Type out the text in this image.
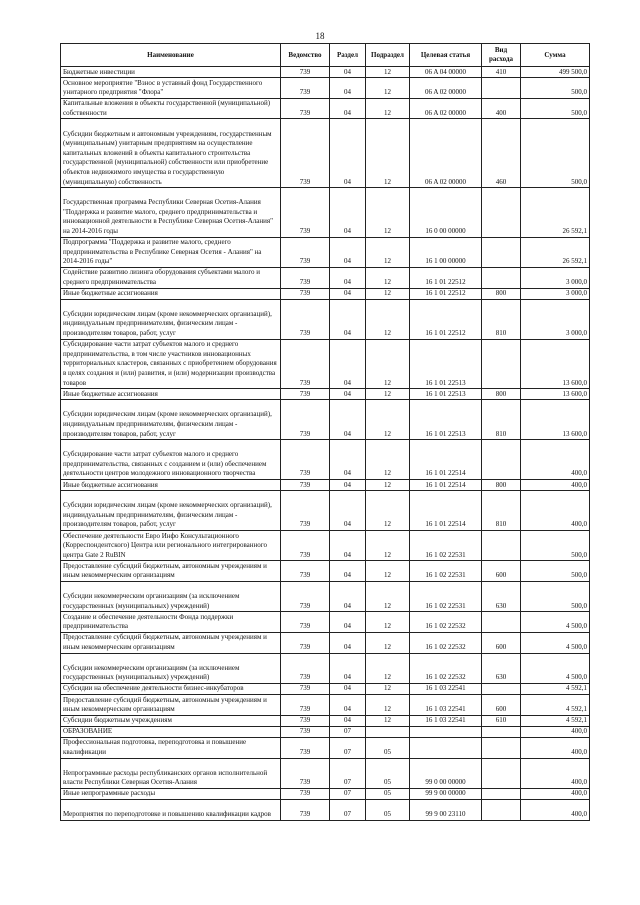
18
Наименование	Ведомство	Раздел	Подраздел	Целевая статья	Вид расхода	Сумма
Бюджетные инвестиции	739	04	12	06 A 04 00000	410	499 500,0
Основное мероприятие "Взнос в уставный фонд Государственного унитарного предприятия "Флора"	739	04	12	06 A 02 00000		500,0
Капитальные вложения в объекты государственной (муниципальной) собственности	739	04	12	06 A 02 00000	400	500,0
Субсидии бюджетным и автономным учреждениям, государственным (муниципальным) унитарным предприятиям на осуществление капитальных вложений в объекты капитального строительства государственной (муниципальной) собственности или приобретение объектов недвижимого имущества в государственную (муниципальную) собственность	739	04	12	06 A 02 00000	460	500,0
Государственная программа Республики Северная Осетия-Алания "Поддержка и развитие малого, среднего предпринимательства и инновационной деятельности в Республике Северная Осетия-Алания" на 2014-2016 годы	739	04	12	16 0 00 00000		26 592,1
Подпрограмма "Поддержка и развитие малого, среднего предпринимательства в Республике Северная Осетия - Алания" на 2014-2016 годы"	739	04	12	16 1 00 00000		26 592,1
Содействие развитию лизинга оборудования субъектами малого и среднего предпринимательства	739	04	12	16 1 01 22512		3 000,0
Иные бюджетные ассигнования	739	04	12	16 1 01 22512	800	3 000,0
Субсидии юридическим лицам (кроме некоммерческих организаций), индивидуальным предпринимателям, физическим лицам - производителям товаров, работ, услуг	739	04	12	16 1 01 22512	810	3 000,0
Субсидирование части затрат субъектов малого и среднего предпринимательства, в том числе участников инновационных территориальных кластеров, связанных с приобретением оборудования в целях создания и (или) развития, и (или) модернизации производства товаров	739	04	12	16 1 01 22513		13 600,0
Иные бюджетные ассигнования	739	04	12	16 1 01 22513	800	13 600,0
Субсидии юридическим лицам (кроме некоммерческих организаций), индивидуальным предпринимателям, физическим лицам - производителям товаров, работ, услуг	739	04	12	16 1 01 22513	810	13 600,0
Субсидирование части затрат субъектов малого и среднего предпринимательства, связанных с созданием и (или) обеспечением деятельности центров молодежного инновационного творчества	739	04	12	16 1 01 22514		400,0
Иные бюджетные ассигнования	739	04	12	16 1 01 22514	800	400,0
Субсидии юридическим лицам (кроме некоммерческих организаций), индивидуальным предпринимателям, физическим лицам - производителям товаров, работ, услуг	739	04	12	16 1 01 22514	810	400,0
Обеспечение деятельности Евро Инфо Консультационного (Корреспондентского) Центра или регионального интегрированного центра Gate 2 RuBIN	739	04	12	16 1 02 22531		500,0
Предоставление субсидий бюджетным, автономным учреждениям и иным некоммерческим организациям	739	04	12	16 1 02 22531	600	500,0
Субсидии некоммерческим организациям (за исключением государственных (муниципальных) учреждений)	739	04	12	16 1 02 22531	630	500,0
Создание и обеспечение деятельности Фонда поддержки предпринимательства	739	04	12	16 1 02 22532		4 500,0
Предоставление субсидий бюджетным, автономным учреждениям и иным некоммерческим организациям	739	04	12	16 1 02 22532	600	4 500,0
Субсидии некоммерческим организациям (за исключением государственных (муниципальных) учреждений)	739	04	12	16 1 02 22532	630	4 500,0
Субсидии на обеспечение деятельности бизнес-инкубаторов	739	04	12	16 1 03 22541		4 592,1
Предоставление субсидий бюджетным, автономным учреждениям и иным некоммерческим организациям	739	04	12	16 1 03 22541	600	4 592,1
Субсидии бюджетным учреждениям	739	04	12	16 1 03 22541	610	4 592,1
ОБРАЗОВАНИЕ	739	07				400,0
Профессиональная подготовка, переподготовка и повышение квалификации	739	07	05			400,0
Непрограммные расходы республиканских органов исполнительной власти Республики Северная Осетия-Алания	739	07	05	99 0 00 00000		400,0
Иные непрограммные расходы	739	07	05	99 9 00 00000		400,0
Мероприятия по переподготовке и повышению квалификации кадров	739	07	05	99 9 00 23110		400,0
